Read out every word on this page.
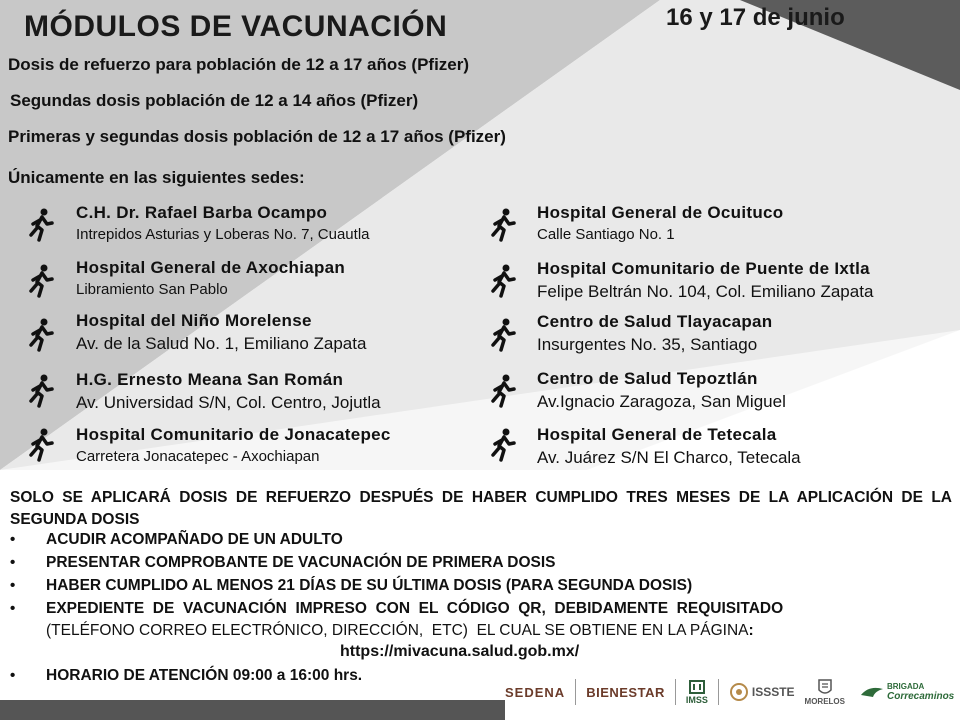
MÓDULOS DE VACUNACIÓN	16 y 17 de junio
Dosis de refuerzo para población de 12 a 17 años (Pfizer)
Segundas dosis población de 12 a 14 años (Pfizer)
Primeras y segundas dosis población de 12 a 17 años (Pfizer)
Únicamente en las siguientes sedes:
C.H. Dr. Rafael Barba Ocampo
Intrepidos Asturias y Loberas No. 7, Cuautla
Hospital General de Axochiapan
Libramiento San Pablo
Hospital del Niño Morelense
Av. de la Salud No. 1, Emiliano Zapata
H.G. Ernesto Meana San Román
Av. Universidad S/N, Col. Centro, Jojutla
Hospital Comunitario de Jonacatepec
Carretera Jonacatepec - Axochiapan
Hospital General de Ocuituco
Calle Santiago No. 1
Hospital Comunitario de Puente de Ixtla
Felipe Beltrán No. 104, Col. Emiliano Zapata
Centro de Salud Tlayacapan
Insurgentes No. 35, Santiago
Centro de Salud Tepoztlán
Av.Ignacio Zaragoza, San Miguel
Hospital General de Tetecala
Av. Juárez S/N El Charco, Tetecala
SOLO SE APLICARÁ DOSIS DE REFUERZO DESPUÉS DE HABER CUMPLIDO TRES MESES DE LA APLICACIÓN DE LA SEGUNDA DOSIS
• ACUDIR ACOMPAÑADO DE UN ADULTO
• PRESENTAR COMPROBANTE DE VACUNACIÓN DE PRIMERA DOSIS
• HABER CUMPLIDO AL MENOS 21 DÍAS DE SU ÚLTIMA DOSIS (PARA SEGUNDA DOSIS)
• EXPEDIENTE  DE  VACUNACIÓN  IMPRESO  CON  EL  CÓDIGO  QR,  DEBIDAMENTE  REQUISITADO
(TELÉFONO CORREO ELECTRÓNICO, DIRECCIÓN,  ETC)  EL CUAL SE OBTIENE EN LA PÁGINA:
https://mivacuna.salud.gob.mx/
• HORARIO DE ATENCIÓN 09:00 a 16:00 hrs.
SEDENA BIENESTAR
IMSS
ISSSTE
MORELOS
BRIGADA
Correcaminos
